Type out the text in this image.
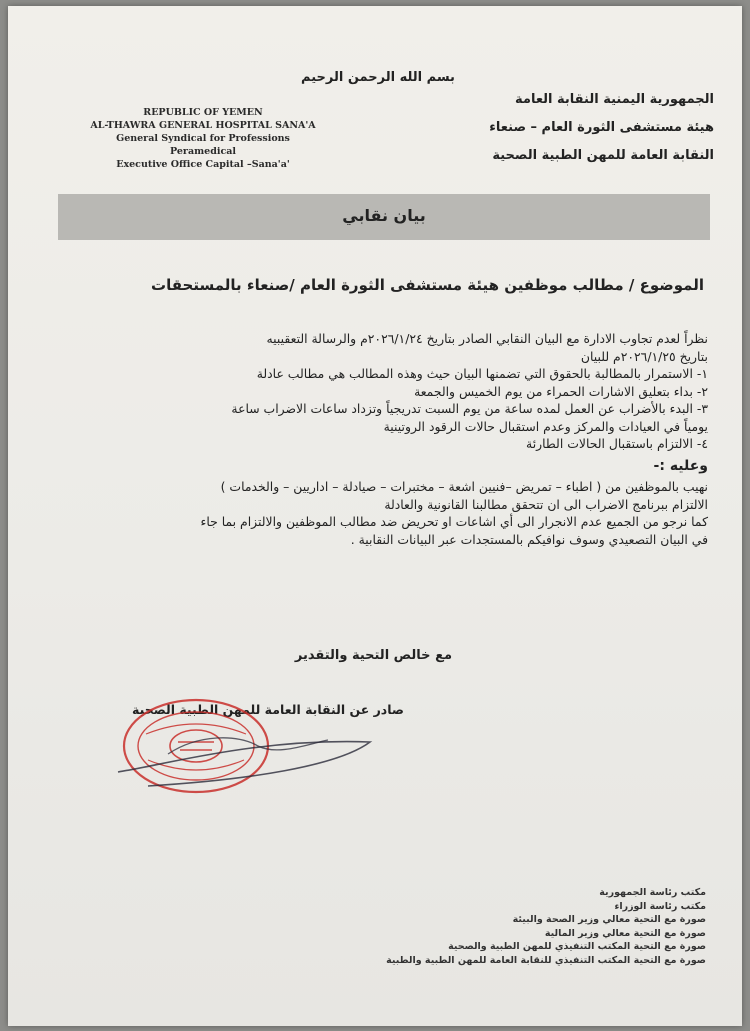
بسم الله الرحمن الرحيم
الجمهورية اليمنية النقابة العامة
هيئة مستشفى الثورة العام – صنعاء
النقابة العامة للمهن الطبية الصحية
REPUBLIC OF YEMEN
AL-THAWRA GENERAL HOSPITAL SANA'A
General Syndical for Professions
Peramedical
Executive Office Capital –Sana'a'
بيان نقابي
الموضوع / مطالب موظفين هيئة مستشفى الثورة العام /صنعاء بالمستحقات

نظراً لعدم تجاوب الادارة مع البيان النقابي الصادر بتاريخ ٢٠٢٦/١/٢٤م والرسالة التعقيبيه

بتاريخ ٢٠٢٦/١/٢٥م للبيان

١- الاستمرار بالمطالبة بالحقوق التي تضمنها البيان حيث وهذه المطالب هي مطالب عادلة

٢- بداء بتعليق الاشارات الحمراء من يوم الخميس والجمعة

٣- البدء بالأضراب عن العمل لمده ساعة من يوم السبت تدريجياً وتزداد ساعات الاضراب ساعة

يومياً في العيادات والمركز وعدم استقبال حالات الرقود الروتينية

٤- الالتزام باستقبال الحالات الطارئة

وعليه :-

نهيب بالموظفين من ( اطباء – تمريض –فنيين اشعة – مختبرات – صيادلة – اداريين – والخدمات )

الالتزام ببرنامج الاضراب الى ان تتحقق مطالبنا القانونية والعادلة

كما نرجو من الجميع عدم الانجرار الى أي اشاعات او تحريض ضد مطالب الموظفين والالتزام بما جاء

في البيان التصعيدي وسوف نوافيكم بالمستجدات عبر البيانات النقابية .

مع خالص التحية والتقدير
صادر عن النقابة العامة للمهن الطبية الصحية
مكتب رئاسة الجمهورية
مكتب رئاسة الوزراء
صورة مع التحية معالي وزير الصحة والبيئة
صورة مع التحية معالي وزير المالية
صورة مع التحية المكتب التنفيذي للمهن الطبية والصحية
صورة مع التحية المكتب التنفيذي للنقابة العامة للمهن الطبية والطبية
